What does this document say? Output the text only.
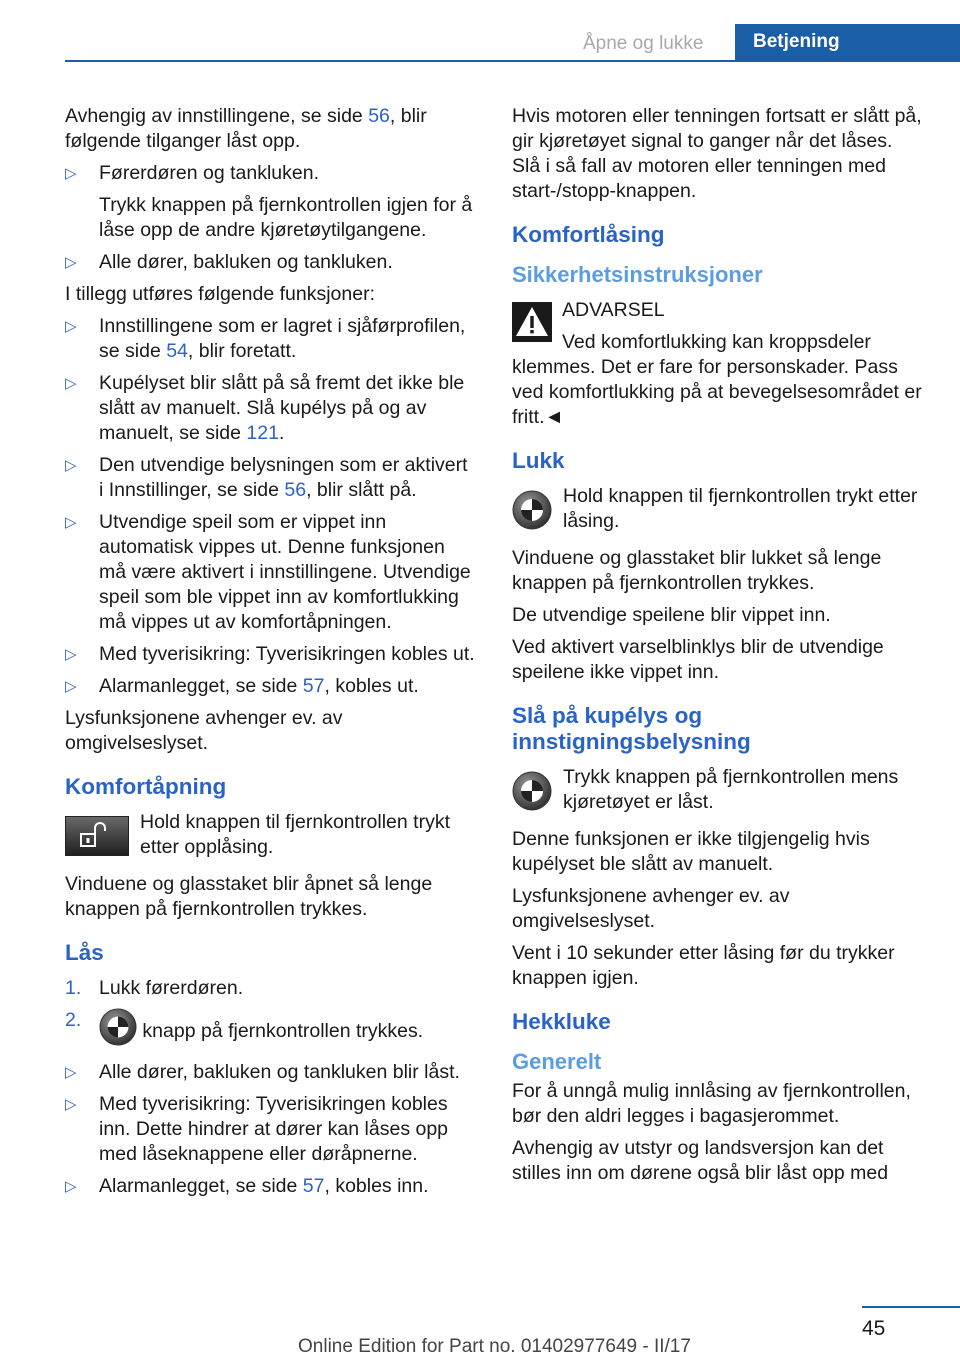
Åpne og lukke	Betjening

Avhengig av innstillingene, se side 56, blir følgende tilganger låst opp.

▷ Førerdøren og tankluken.
Trykk knappen på fjernkontrollen igjen for å låse opp de andre kjøretøytilgangene.
▷ Alle dører, bakluken og tankluken.

I tillegg utføres følgende funksjoner:

▷ Innstillingene som er lagret i sjåførprofilen, se side 54, blir foretatt.
▷ Kupélyset blir slått på så fremt det ikke ble slått av manuelt. Slå kupélys på og av manuelt, se side 121.
▷ Den utvendige belysningen som er aktivert i Innstillinger, se side 56, blir slått på.
▷ Utvendige speil som er vippet inn automatisk vippes ut. Denne funksjonen må være aktivert i innstillingene. Utvendige speil som ble vippet inn av komfortlukking må vippes ut av komfortåpningen.
▷ Med tyverisikring: Tyverisikringen kobles ut.
▷ Alarmanlegget, se side 57, kobles ut.

Lysfunksjonene avhenger ev. av omgivelseslyset.

Komfortåpning
Hold knappen til fjernkontrollen trykt etter opplåsing.

Vinduene og glasstaket blir åpnet så lenge knappen på fjernkontrollen trykkes.

Lås
1. Lukk førerdøren.
2.	knapp på fjernkontrollen trykkes.
▷ Alle dører, bakluken og tankluken blir låst.
▷ Med tyverisikring: Tyverisikringen kobles inn. Dette hindrer at dører kan låses opp med låseknappene eller døråpnerne.
▷ Alarmanlegget, se side 57, kobles inn.

Hvis motoren eller tenningen fortsatt er slått på, gir kjøretøyet signal to ganger når det låses. Slå i så fall av motoren eller tenningen med start-/stopp-knappen.

Komfortlåsing
Sikkerhetsinstruksjoner
ADVARSEL
Ved komfortlukking kan kroppsdeler klemmes. Det er fare for personskader. Pass ved komfortlukking på at bevegelsesområdet er fritt.◄
Lukk
Hold knappen til fjernkontrollen trykt etter låsing.

Vinduene og glasstaket blir lukket så lenge knappen på fjernkontrollen trykkes.

De utvendige speilene blir vippet inn.

Ved aktivert varselblinklys blir de utvendige speilene ikke vippet inn.

Slå på kupélys og innstigningsbelysning
Trykk knappen på fjernkontrollen mens kjøretøyet er låst.

Denne funksjonen er ikke tilgjengelig hvis kupélyset ble slått av manuelt.

Lysfunksjonene avhenger ev. av omgivelseslyset.

Vent i 10 sekunder etter låsing før du trykker knappen igjen.

Hekkluke
Generelt

For å unngå mulig innlåsing av fjernkontrollen, bør den aldri legges i bagasjerommet.

Avhengig av utstyr og landsversjon kan det stilles inn om dørene også blir låst opp med

45
Online Edition for Part no. 01402977649 - II/17
